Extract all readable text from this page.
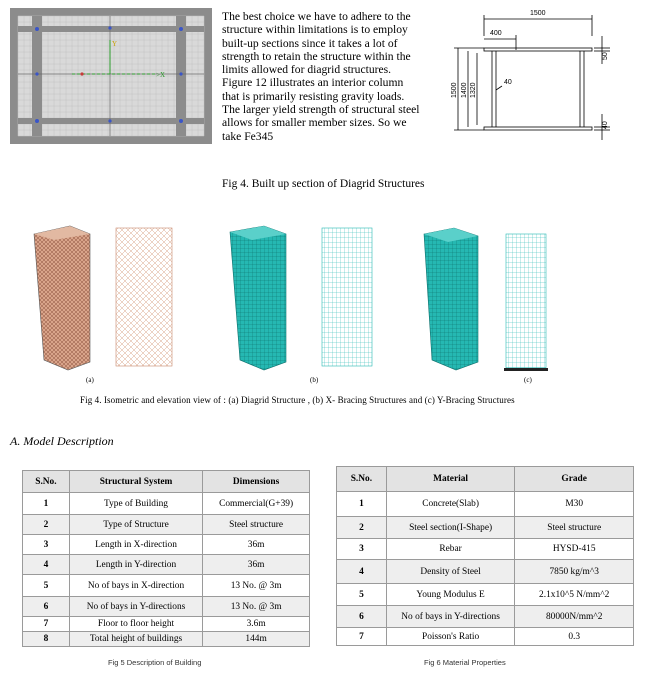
Y
>X
The best choice we have to adhere to the structure within limitations is to employ built-up sections since it takes a lot of strength to retain the structure within the limits allowed for diagrid structures. Figure 12 illustrates an interior column that is primarily resisting gravity loads. The larger yield strength of structural steel allows for smaller member sizes. So we take Fe345
1500
400
50
40
1500 1400 1320
40
Fig 4. Built up section of Diagrid Structures
(a)	(b)	(c)
Fig 4. Isometric and elevation view of : (a) Diagrid Structure , (b) X- Bracing Structures and (c) Y-Bracing Structures
A. Model Description
S.No.	Structural System	Dimensions
1	Type of Building	Commercial(G+39)
2	Type of Structure	Steel structure
3	Length in X-direction	36m
4	Length in Y-direction	36m
5	No of bays in X-direction	13 No. @ 3m
6	No of bays in Y-directions	13 No. @ 3m
7	Floor to floor height	3.6m
8	Total height of buildings	144m
Fig 5 Description of Building
S.No.	Material	Grade
1	Concrete(Slab)	M30
2	Steel section(I-Shape)	Steel structure
3	Rebar	HYSD-415
4	Density of Steel	7850 kg/m^3
5	Young Modulus E	2.1x10^5 N/mm^2
6	No of bays in Y-directions	80000N/mm^2
7	Poisson's Ratio	0.3
Fig 6 Material Properties
